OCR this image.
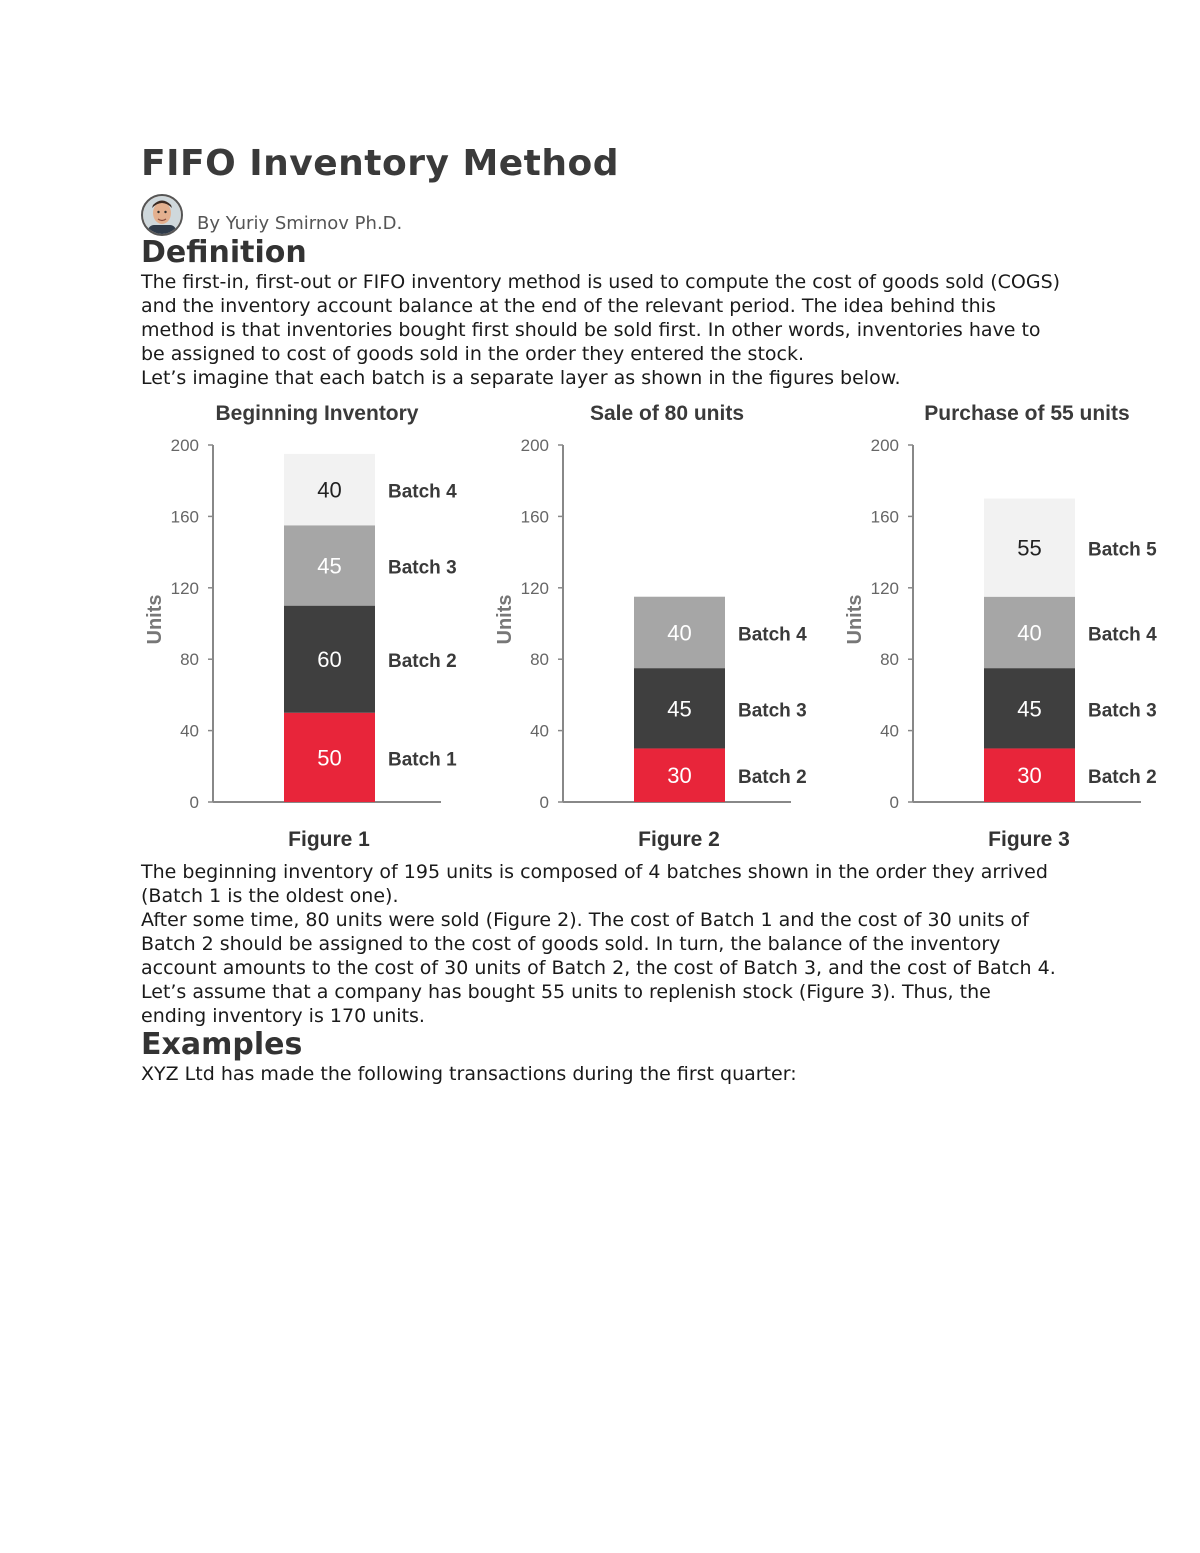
FIFO Inventory Method
By Yuriy Smirnov Ph.D.
Definition

The first-in, first-out or FIFO inventory method is used to compute the cost of goods sold (COGS) and the inventory account balance at the end of the relevant period. The idea behind this method is that inventories bought first should be sold first. In other words, inventories have to be assigned to cost of goods sold in the order they entered the stock.

Let’s imagine that each batch is a separate layer as shown in the figures below.

Beginning Inventory
0
40
80
120
160
200
Units
50 Batch 1
60 Batch 2
45 Batch 3
40 Batch 4
Figure 1
Sale of 80 units
0
40
80
120
160
200
Units
30 Batch 2
45 Batch 3
40 Batch 4
Figure 2
Purchase of 55 units
0
40
80
120
160
200
Units
30 Batch 2
45 Batch 3
40 Batch 4
55 Batch 5
Figure 3

The beginning inventory of 195 units is composed of 4 batches shown in the order they arrived (Batch 1 is the oldest one).

After some time, 80 units were sold (Figure 2). The cost of Batch 1 and the cost of 30 units of Batch 2 should be assigned to the cost of goods sold. In turn, the balance of the inventory account amounts to the cost of 30 units of Batch 2, the cost of Batch 3, and the cost of Batch 4.

Let’s assume that a company has bought 55 units to replenish stock (Figure 3). Thus, the ending inventory is 170 units.

Examples

XYZ Ltd has made the following transactions during the first quarter:
